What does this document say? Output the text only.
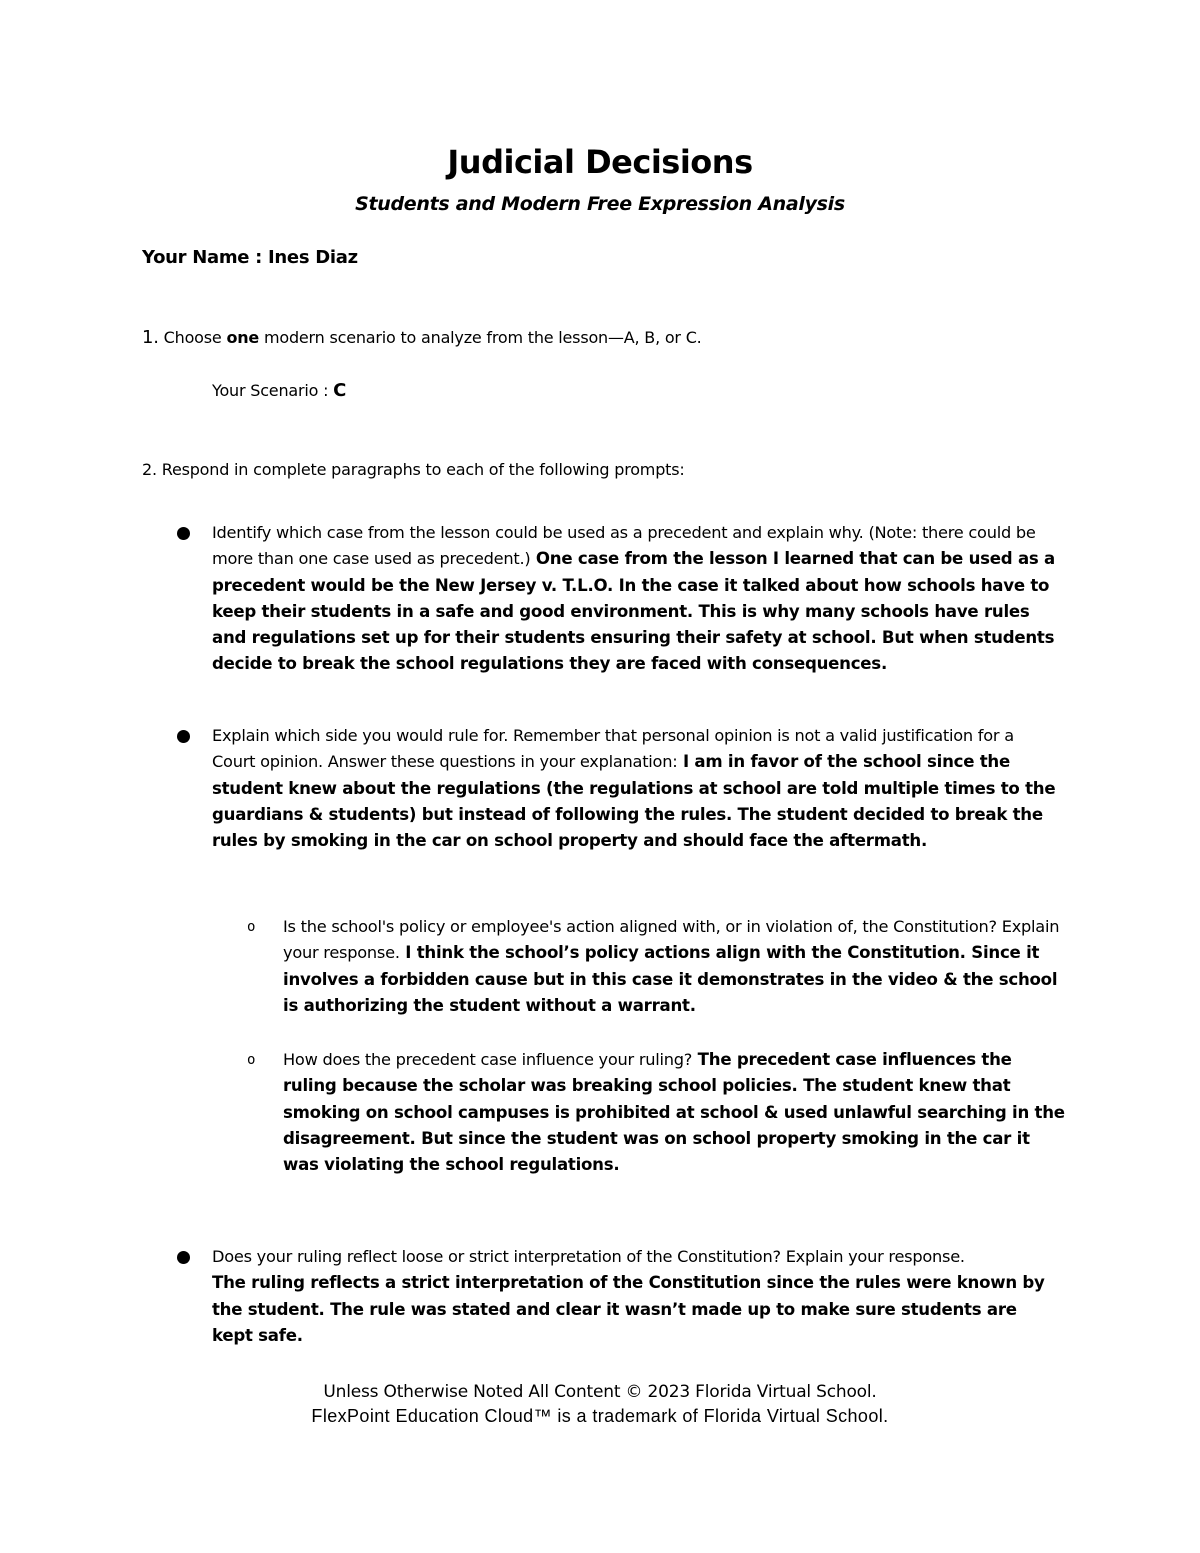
Judicial Decisions
Students and Modern Free Expression Analysis
Your Name : Ines Diaz
1. Choose one modern scenario to analyze from the lesson—A, B, or C.
Your Scenario : C
2. Respond in complete paragraphs to each of the following prompts:
Identify which case from the lesson could be used as a precedent and explain why. (Note: there could be more than one case used as precedent.) One case from the lesson I learned that can be used as a precedent would be the New Jersey v. T.L.O. In the case it talked about how schools have to keep their students in a safe and good environment. This is why many schools have rules and regulations set up for their students ensuring their safety at school. But when students decide to break the school regulations they are faced with consequences.
Explain which side you would rule for. Remember that personal opinion is not a valid justification for a Court opinion. Answer these questions in your explanation: I am in favor of the school since the student knew about the regulations (the regulations at school are told multiple times to the guardians & students) but instead of following the rules. The student decided to break the rules by smoking in the car on school property and should face the aftermath.
o Is the school's policy or employee's action aligned with, or in violation of, the Constitution? Explain your response. I think the school’s policy actions align with the Constitution. Since it involves a forbidden cause but in this case it demonstrates in the video & the school is authorizing the student without a warrant.
o How does the precedent case influence your ruling? The precedent case influences the ruling because the scholar was breaking school policies. The student knew that smoking on school campuses is prohibited at school & used unlawful searching in the disagreement. But since the student was on school property smoking in the car it was violating the school regulations.
Does your ruling reflect loose or strict interpretation of the Constitution? Explain your response.
The ruling reflects a strict interpretation of the Constitution since the rules were known by the student. The rule was stated and clear it wasn’t made up to make sure students are kept safe.
Unless Otherwise Noted All Content © 2023 Florida Virtual School.
FlexPoint Education Cloud™ is a trademark of Florida Virtual School.
